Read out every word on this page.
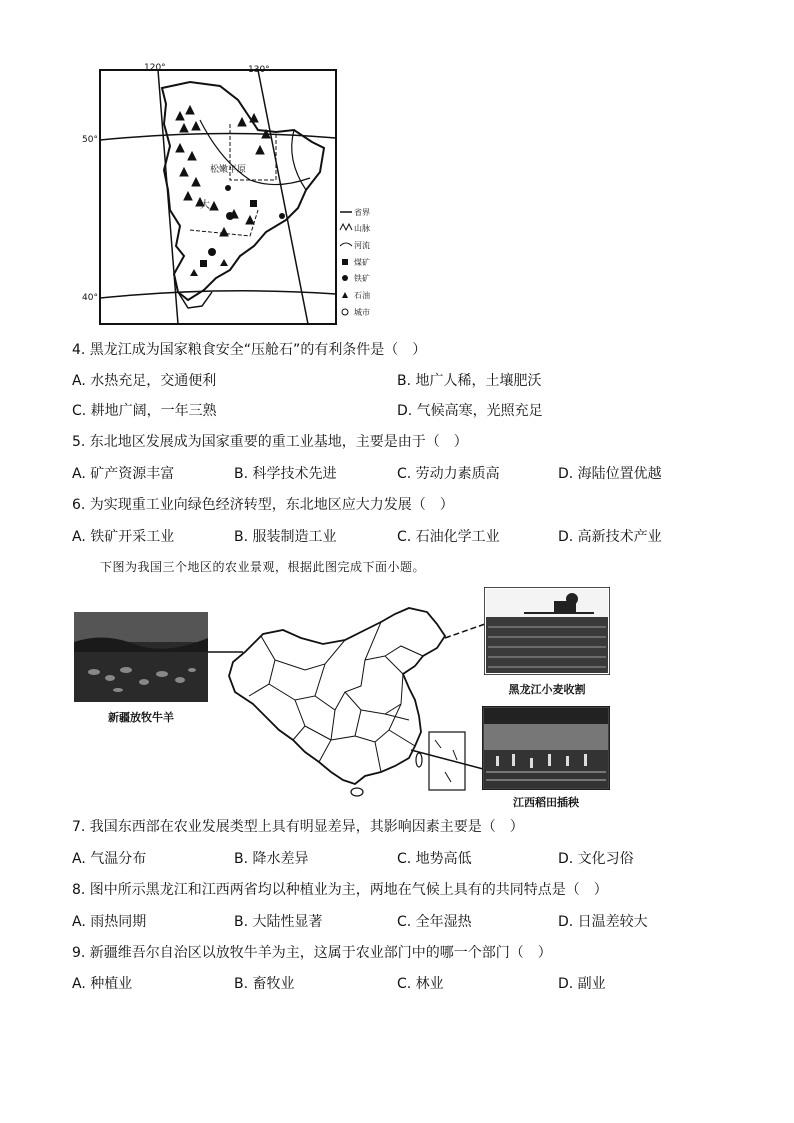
松嫩平原
大
120°	130°
50°
40°
省界
山脉
河流
煤矿
铁矿
石油
城市
4. 黑龙江成为国家粮食安全“压舱石”的有利条件是（　）
A. 水热充足，交通便利	B. 地广人稀，土壤肥沃
C. 耕地广阔，一年三熟	D. 气候高寒，光照充足
5. 东北地区发展成为国家重要的重工业基地，主要是由于（　）
A. 矿产资源丰富	B. 科学技术先进	C. 劳动力素质高	D. 海陆位置优越
6. 为实现重工业向绿色经济转型，东北地区应大力发展（　）
A. 铁矿开采工业	B. 服装制造工业	C. 石油化学工业	D. 高新技术产业
下图为我国三个地区的农业景观，根据此图完成下面小题。
新疆放牧牛羊
黑龙江小麦收割
江西稻田插秧
7. 我国东西部在农业发展类型上具有明显差异，其影响因素主要是（　）
A. 气温分布	B. 降水差异	C. 地势高低	D. 文化习俗
8. 图中所示黑龙江和江西两省均以种植业为主，两地在气候上具有的共同特点是（　）
A. 雨热同期	B. 大陆性显著	C. 全年湿热	D. 日温差较大
9. 新疆维吾尔自治区以放牧牛羊为主，这属于农业部门中的哪一个部门（　）
A. 种植业	B. 畜牧业	C. 林业	D. 副业
